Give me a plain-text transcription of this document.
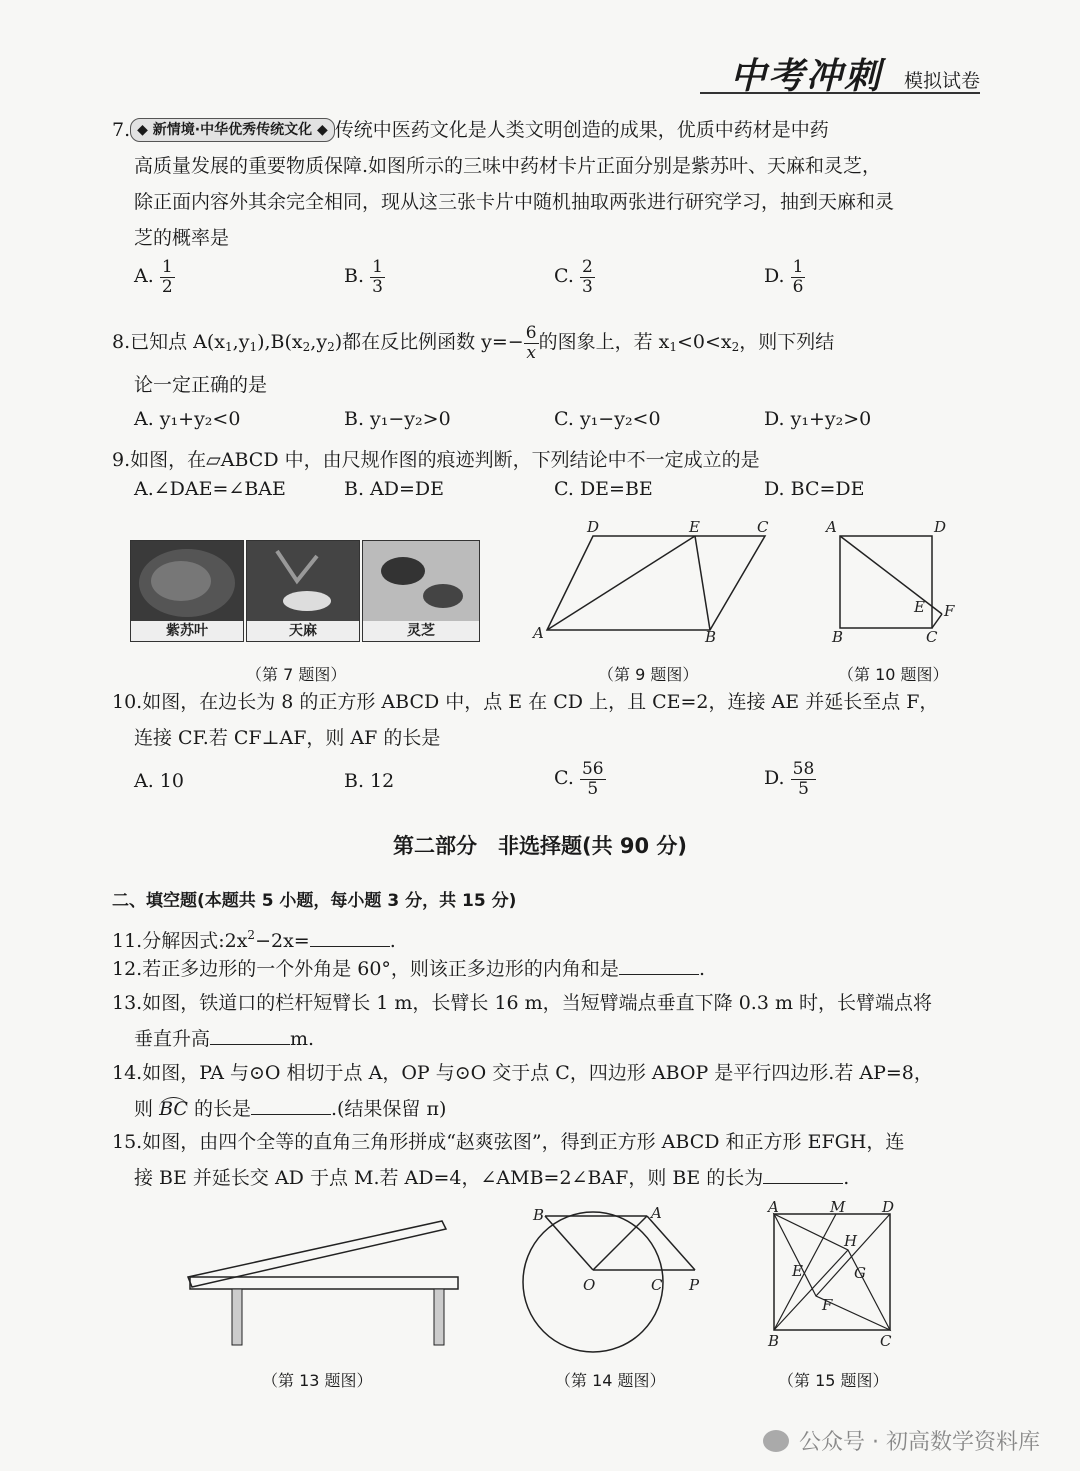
中考冲刺 模拟试卷
7. ◆ 新情境·中华优秀传统文化 ◆ 传统中医药文化是人类文明创造的成果，优质中药材是中药
高质量发展的重要物质保障.如图所示的三味中药材卡片正面分别是紫苏叶、天麻和灵芝，
除正面内容外其余完全相同，现从这三张卡片中随机抽取两张进行研究学习，抽到天麻和灵
芝的概率是
A. $\frac{1}{2}$	B. $\frac{1}{3}$	C. $\frac{2}{3}$	D. $\frac{1}{6}$
8.已知点 $A(x_1,y_1),B(x_2,y_2)$都在反比例函数 $y=- \frac{6}{x}$ 的图象上，若 $x_1<0<x_2$，则下列结
论一定正确的是
A. y₁+y₂<0	B. y₁−y₂>0	C. y₁−y₂<0	D. y₁+y₂>0
9.如图，在▱ABCD 中，由尺规作图的痕迹判断，下列结论中不一定成立的是
A.∠DAE=∠BAE	B. AD=DE	C. DE=BE	D. BC=DE
紫苏叶	天麻	灵芝
（第 7 题图）
D	E	C
A	B
（第 9 题图）
A	D
E F
B	C
（第 10 题图）
10.如图，在边长为 8 的正方形 ABCD 中，点 E 在 CD 上，且 CE=2，连接 AE 并延长至点 F，
连接 CF.若 CF⊥AF，则 AF 的长是
A. 10	B. 12	C. $\frac{56}{5}$	D. $\frac{58}{5}$
第二部分　非选择题(共 90 分)
二、填空题(本题共 5 小题，每小题 3 分，共 15 分)
11.分解因式$:2x^2-2x=$	.
12.若正多边形的一个外角是 60°，则该正多边形的内角和是	.
13.如图，铁道口的栏杆短臂长 1 m，长臂长 16 m，当短臂端点垂直下降 0.3 m 时，长臂端点将
垂直升高	m.
14.如图，PA 与⊙O 相切于点 A，OP 与⊙O 交于点 C，四边形 ABOP 是平行四边形.若 AP=8，
则 BC 的长是	.(结果保留 π)
15.如图，由四个全等的直角三角形拼成“赵爽弦图”，得到正方形 ABCD 和正方形 EFGH，连
接 BE 并延长交 AD 于点 M.若 AD=4，∠AMB=2∠BAF，则 BE 的长为	.
（第 13 题图）
B	A
O	C P
（第 14 题图）
A	M D
H
E	G
F
B	C
（第 15 题图）
公众号 · 初高数学资料库
